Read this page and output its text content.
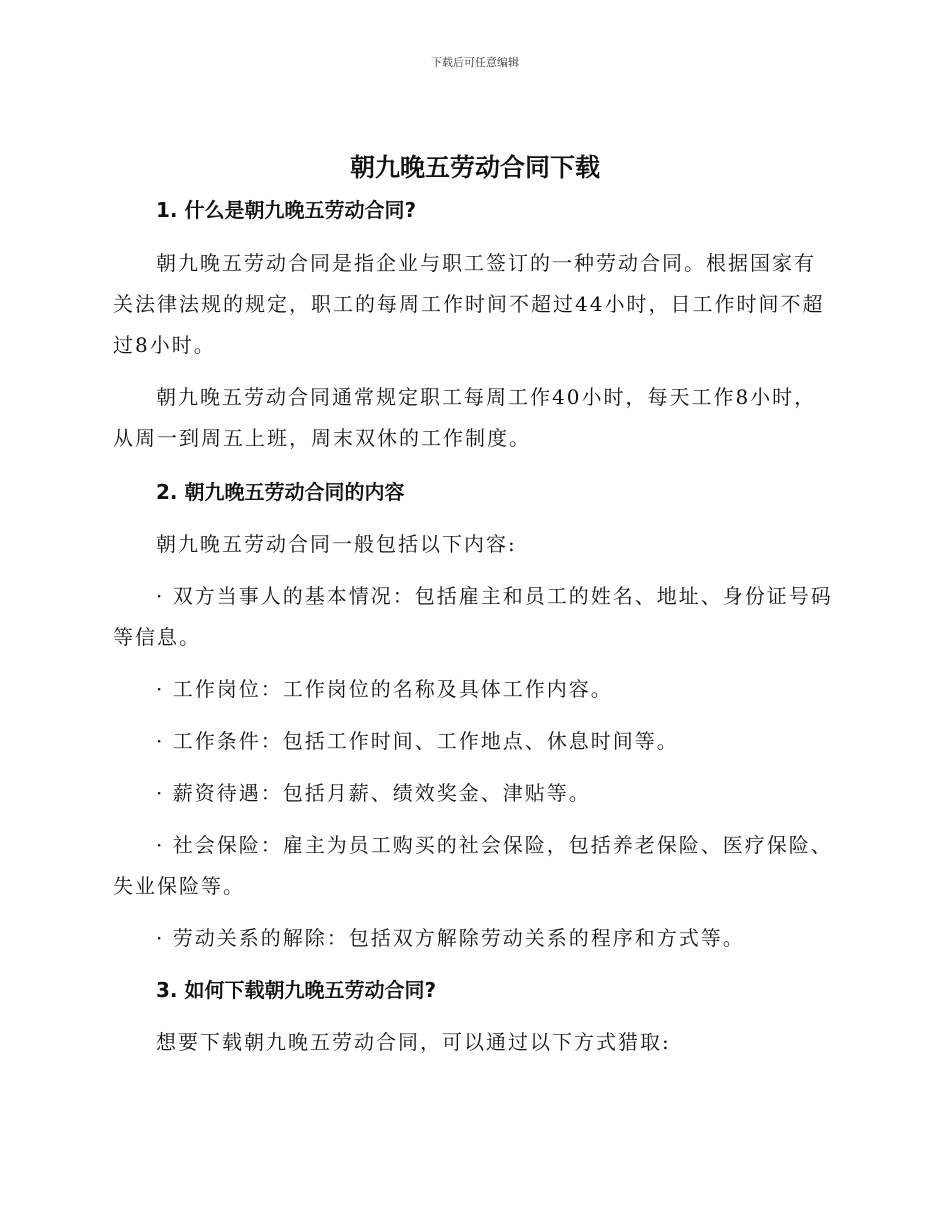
下载后可任意编辑
朝九晚五劳动合同下载
1. 什么是朝九晚五劳动合同?

朝九晚五劳动合同是指企业与职工签订的一种劳动合同。根据国家有关法律法规的规定，职工的每周工作时间不超过44小时，日工作时间不超过8小时。

朝九晚五劳动合同通常规定职工每周工作40小时，每天工作8小时，从周一到周五上班，周末双休的工作制度。

2. 朝九晚五劳动合同的内容

朝九晚五劳动合同一般包括以下内容:

· 双方当事人的基本情况：包括雇主和员工的姓名、地址、身份证号码等信息。

· 工作岗位：工作岗位的名称及具体工作内容。

· 工作条件：包括工作时间、工作地点、休息时间等。

· 薪资待遇：包括月薪、绩效奖金、津贴等。

· 社会保险：雇主为员工购买的社会保险，包括养老保险、医疗保险、失业保险等。

· 劳动关系的解除：包括双方解除劳动关系的程序和方式等。

3. 如何下载朝九晚五劳动合同?

想要下载朝九晚五劳动合同，可以通过以下方式猎取:
